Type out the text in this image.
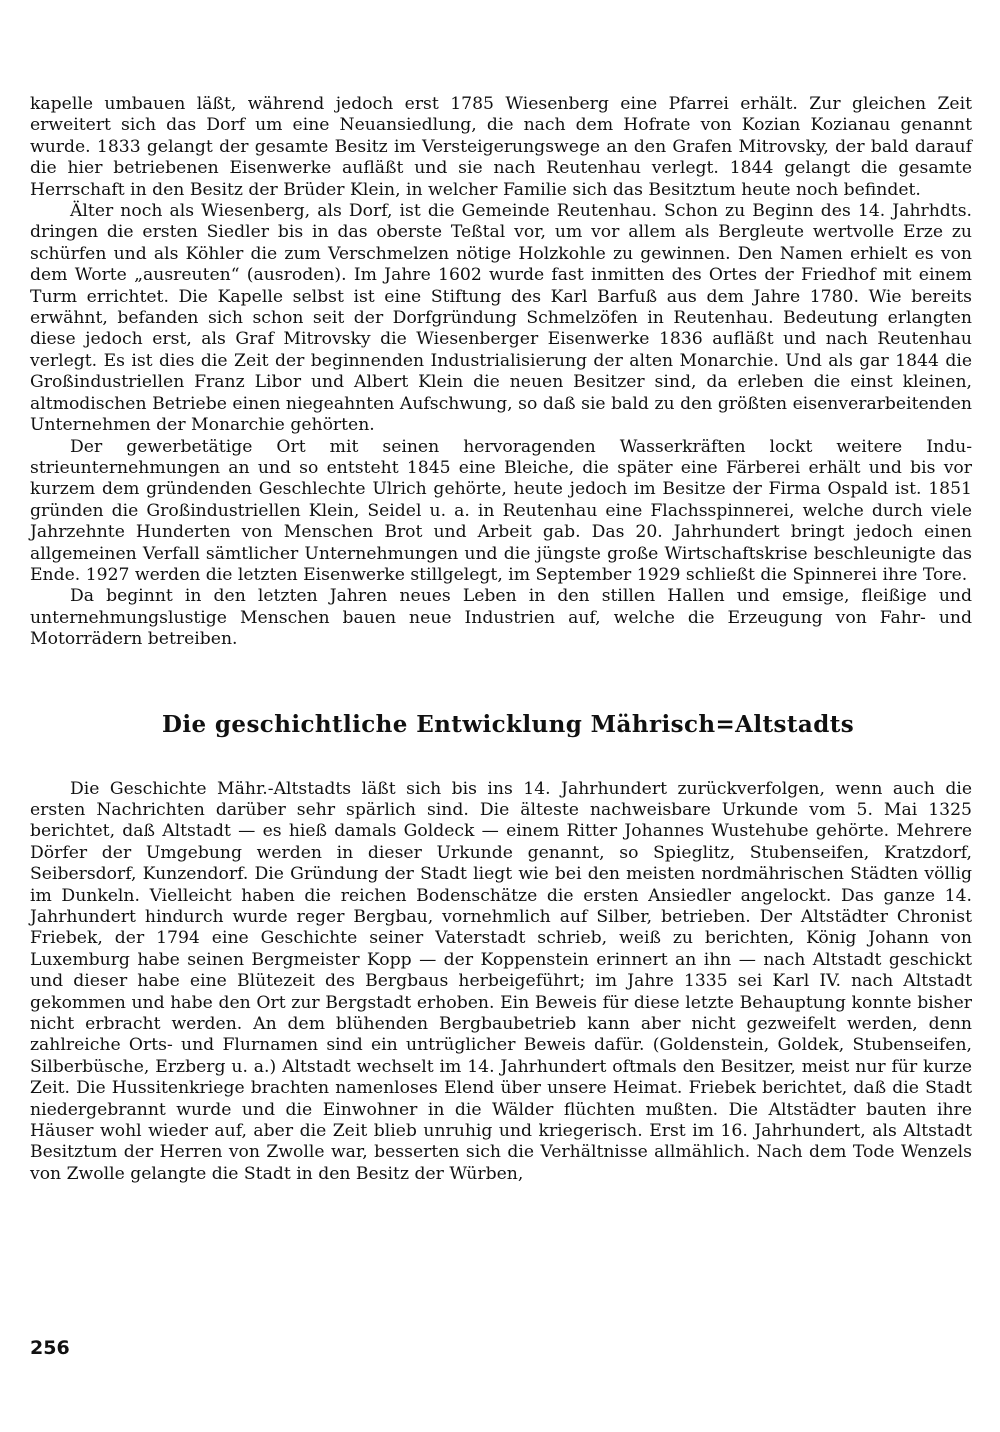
kapelle umbauen läßt, während jedoch erst 1785 Wiesenberg eine Pfarrei erhält. Zur gleichen Zeit erweitert sich das Dorf um eine Neuansiedlung, die nach dem Hofrate von Kozian Kozianau genannt wurde. 1833 gelangt der gesamte Besitz im Versteigerungswege an den Grafen Mitrovsky, der bald darauf die hier betriebenen Eisenwerke aufläßt und sie nach Reutenhau verlegt. 1844 gelangt die gesamte Herrschaft in den Besitz der Brüder Klein, in welcher Familie sich das Besitztum heute noch befindet.

Älter noch als Wiesenberg, als Dorf, ist die Gemeinde Reutenhau. Schon zu Beginn des 14. Jahrhdts. dringen die ersten Siedler bis in das oberste Teßtal vor, um vor allem als Bergleute wertvolle Erze zu schürfen und als Köhler die zum Verschmelzen nötige Holzkohle zu gewinnen. Den Namen erhielt es von dem Worte „ausreuten“ (ausroden). Im Jahre 1602 wurde fast inmitten des Ortes der Friedhof mit einem Turm errichtet. Die Kapelle selbst ist eine Stiftung des Karl Barfuß aus dem Jahre 1780. Wie bereits erwähnt, befanden sich schon seit der Dorfgründung Schmelzöfen in Reutenhau. Bedeutung erlangten diese jedoch erst, als Graf Mitrovsky die Wiesenberger Eisenwerke 1836 aufläßt und nach Reutenhau verlegt. Es ist dies die Zeit der beginnenden Industrialisierung der alten Monarchie. Und als gar 1844 die Großindustriellen Franz Libor und Albert Klein die neuen Besitzer sind, da erleben die einst kleinen, altmodischen Betriebe einen niegeahnten Aufschwung, so daß sie bald zu den größten eisenverarbeitenden Unternehmen der Monarchie gehörten.

Der gewerbetätige Ort mit seinen hervoragenden Wasserkräften lockt weitere Industrieunternehmungen an und so entsteht 1845 eine Bleiche, die später eine Färberei erhält und bis vor kurzem dem gründenden Geschlechte Ulrich gehörte, heute jedoch im Besitze der Firma Ospald ist. 1851 gründen die Großindustriellen Klein, Seidel u. a. in Reutenhau eine Flachsspinnerei, welche durch viele Jahrzehnte Hunderten von Menschen Brot und Arbeit gab. Das 20. Jahrhundert bringt jedoch einen allgemeinen Verfall sämtlicher Unternehmungen und die jüngste große Wirtschaftskrise beschleunigte das Ende. 1927 werden die letzten Eisenwerke stillgelegt, im September 1929 schließt die Spinnerei ihre Tore.

Da beginnt in den letzten Jahren neues Leben in den stillen Hallen und emsige, fleißige und unternehmungslustige Menschen bauen neue Industrien auf, welche die Erzeugung von Fahr- und Motorrädern betreiben.

Die geschichtliche Entwicklung Mährisch=Altstadts

Die Geschichte Mähr.-Altstadts läßt sich bis ins 14. Jahrhundert zurückverfolgen, wenn auch die ersten Nachrichten darüber sehr spärlich sind. Die älteste nachweisbare Urkunde vom 5. Mai 1325 berichtet, daß Altstadt — es hieß damals Goldeck — einem Ritter Johannes Wustehube gehörte. Mehrere Dörfer der Umgebung werden in dieser Urkunde genannt, so Spieglitz, Stubenseifen, Kratzdorf, Seibersdorf, Kunzendorf. Die Gründung der Stadt liegt wie bei den meisten nordmährischen Städten völlig im Dunkeln. Vielleicht haben die reichen Bodenschätze die ersten Ansiedler angelockt. Das ganze 14. Jahrhundert hindurch wurde reger Bergbau, vornehmlich auf Silber, betrieben. Der Altstädter Chronist Friebek, der 1794 eine Geschichte seiner Vaterstadt schrieb, weiß zu berichten, König Johann von Luxemburg habe seinen Bergmeister Kopp — der Koppenstein erinnert an ihn — nach Altstadt geschickt und dieser habe eine Blütezeit des Bergbaus herbeigeführt; im Jahre 1335 sei Karl IV. nach Altstadt gekommen und habe den Ort zur Bergstadt erhoben. Ein Beweis für diese letzte Behauptung konnte bisher nicht erbracht werden. An dem blühenden Bergbaubetrieb kann aber nicht gezweifelt werden, denn zahlreiche Orts- und Flurnamen sind ein untrüglicher Beweis dafür. (Goldenstein, Goldek, Stubenseifen, Silberbüsche, Erzberg u. a.) Altstadt wechselt im 14. Jahrhundert oftmals den Besitzer, meist nur für kurze Zeit. Die Hussitenkriege brachten namenloses Elend über unsere Heimat. Friebek berichtet, daß die Stadt niedergebrannt wurde und die Einwohner in die Wälder flüchten mußten. Die Altstädter bauten ihre Häuser wohl wieder auf, aber die Zeit blieb unruhig und kriegerisch. Erst im 16. Jahrhundert, als Altstadt Besitztum der Herren von Zwolle war, besserten sich die Verhältnisse allmählich. Nach dem Tode Wenzels von Zwolle gelangte die Stadt in den Besitz der Würben,

256
